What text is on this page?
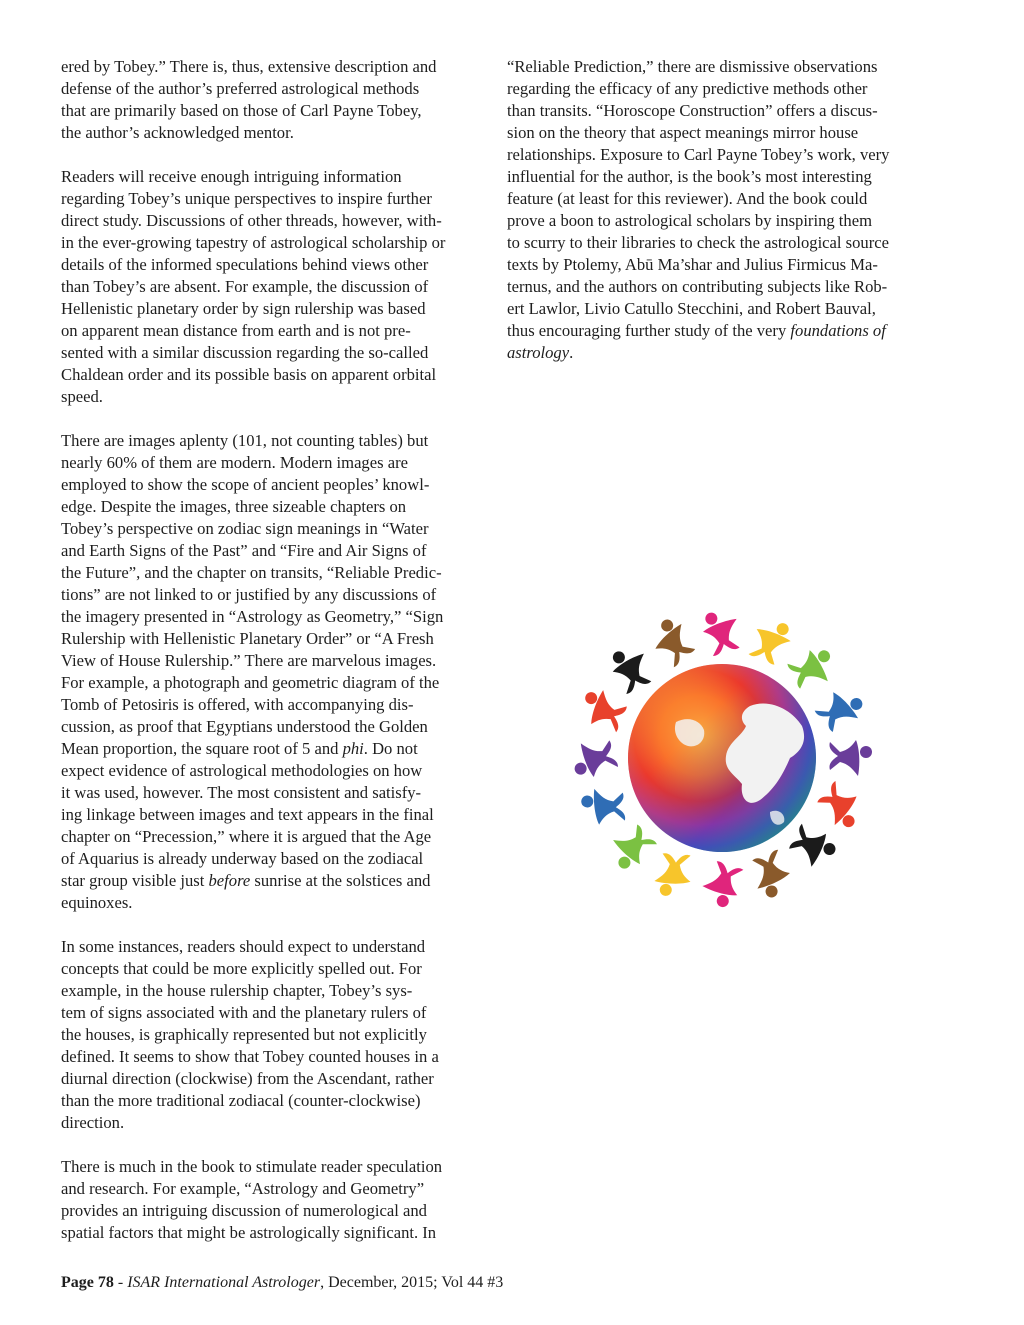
ered by Tobey.” There is, thus, extensive description and
defense of the author’s preferred astrological methods
that are primarily based on those of Carl Payne Tobey,
the author’s acknowledged mentor.
Readers will receive enough intriguing information
regarding Tobey’s unique perspectives to inspire further
direct study. Discussions of other threads, however, with-
in the ever-growing tapestry of astrological scholarship or
details of the informed speculations behind views other
than Tobey’s are absent. For example, the discussion of
Hellenistic planetary order by sign rulership was based
on apparent mean distance from earth and is not pre-
sented with a similar discussion regarding the so-called
Chaldean order and its possible basis on apparent orbital
speed.
There are images aplenty (101, not counting tables) but
nearly 60% of them are modern. Modern images are
employed to show the scope of ancient peoples’ knowl-
edge. Despite the images, three sizeable chapters on
Tobey’s perspective on zodiac sign meanings in “Water
and Earth Signs of the Past” and “Fire and Air Signs of
the Future”, and the chapter on transits, “Reliable Predic-
tions” are not linked to or justified by any discussions of
the imagery presented in “Astrology as Geometry,” “Sign
Rulership with Hellenistic Planetary Order” or “A Fresh
View of House Rulership.” There are marvelous images.
For example, a photograph and geometric diagram of the
Tomb of Petosiris is offered, with accompanying dis-
cussion, as proof that Egyptians understood the Golden
Mean proportion, the square root of 5 and phi. Do not
expect evidence of astrological methodologies on how
it was used, however. The most consistent and satisfy-
ing linkage between images and text appears in the final
chapter on “Precession,” where it is argued that the Age
of Aquarius is already underway based on the zodiacal
star group visible just before sunrise at the solstices and
equinoxes.
In some instances, readers should expect to understand
concepts that could be more explicitly spelled out. For
example, in the house rulership chapter, Tobey’s sys-
tem of signs associated with and the planetary rulers of
the houses, is graphically represented but not explicitly
defined. It seems to show that Tobey counted houses in a
diurnal direction (clockwise) from the Ascendant, rather
than the more traditional zodiacal (counter-clockwise)
direction.
There is much in the book to stimulate reader speculation
and research. For example, “Astrology and Geometry”
provides an intriguing discussion of numerological and
spatial factors that might be astrologically significant. In
“Reliable Prediction,” there are dismissive observations
regarding the efficacy of any predictive methods other
than transits. “Horoscope Construction” offers a discus-
sion on the theory that aspect meanings mirror house
relationships. Exposure to Carl Payne Tobey’s work, very
influential for the author, is the book’s most interesting
feature (at least for this reviewer). And the book could
prove a boon to astrological scholars by inspiring them
to scurry to their libraries to check the astrological source
texts by Ptolemy, Abū Ma’shar and Julius Firmicus Ma-
ternus, and the authors on contributing subjects like Rob-
ert Lawlor, Livio Catullo Stecchini, and Robert Bauval,
thus encouraging further study of the very foundations of
astrology.
Page 78 - ISAR International Astrologer, December, 2015; Vol 44 #3
